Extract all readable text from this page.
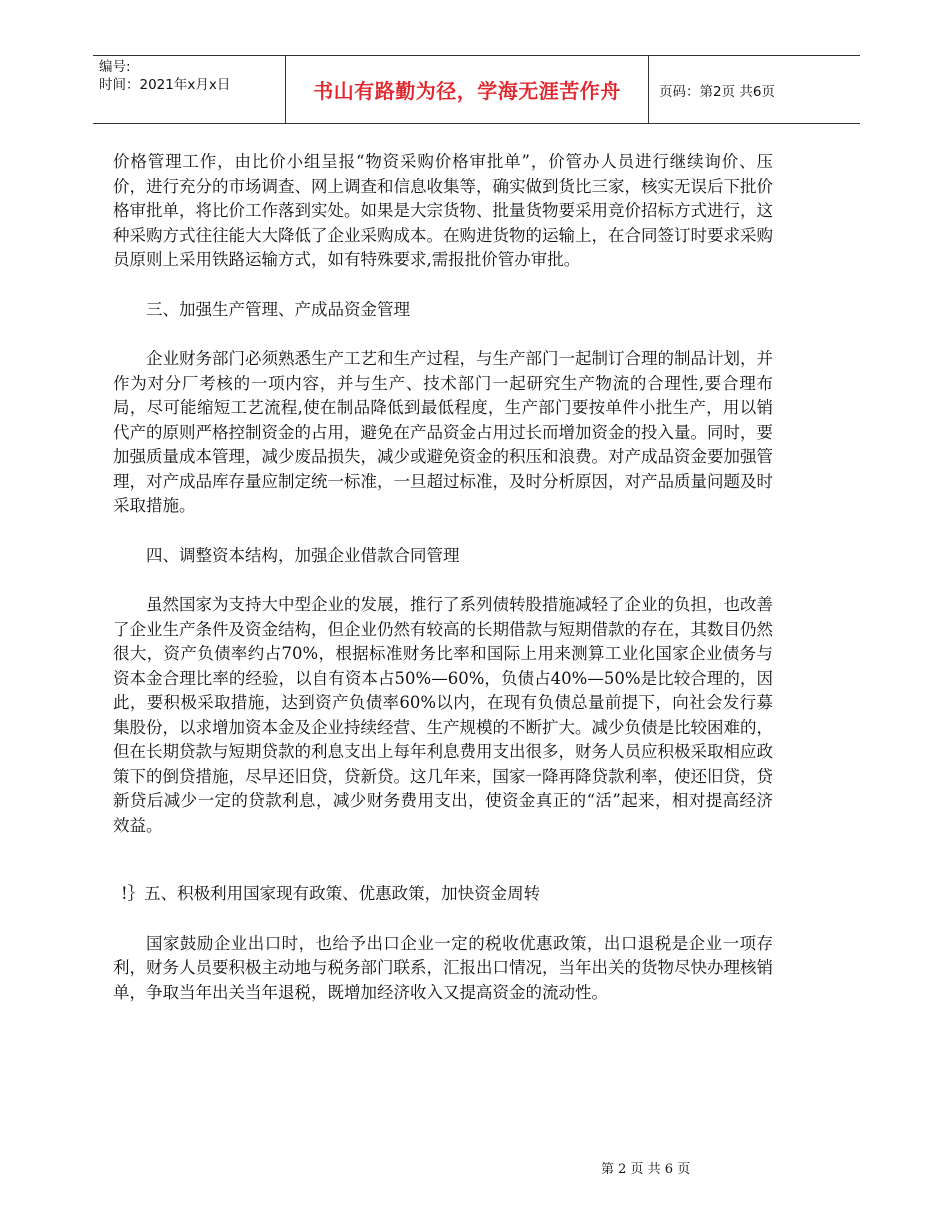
编号:
时间：2021年x月x日	书山有路勤为径，学海无涯苦作舟	页码：第2页 共6页

价格管理工作，由比价小组呈报“物资采购价格审批单”，价管办人员进行继续询价、压价，进行充分的市场调查、网上调查和信息收集等，确实做到货比三家，核实无误后下批价格审批单，将比价工作落到实处。如果是大宗货物、批量货物要采用竞价招标方式进行，这种采购方式往往能大大降低了企业采购成本。在购进货物的运输上，在合同签订时要求采购员原则上采用铁路运输方式，如有特殊要求,需报批价管办审批。

三、加强生产管理、产成品资金管理

企业财务部门必须熟悉生产工艺和生产过程，与生产部门一起制订合理的制品计划，并作为对分厂考核的一项内容，并与生产、技术部门一起研究生产物流的合理性,要合理布局，尽可能缩短工艺流程,使在制品降低到最低程度，生产部门要按单件小批生产，用以销代产的原则严格控制资金的占用，避免在产品资金占用过长而增加资金的投入量。同时，要加强质量成本管理，减少废品损失，减少或避免资金的积压和浪费。对产成品资金要加强管理，对产成品库存量应制定统一标准，一旦超过标准，及时分析原因，对产品质量问题及时采取措施。

四、调整资本结构，加强企业借款合同管理

虽然国家为支持大中型企业的发展，推行了系列债转股措施减轻了企业的负担，也改善了企业生产条件及资金结构，但企业仍然有较高的长期借款与短期借款的存在，其数目仍然很大，资产负债率约占70%，根据标准财务比率和国际上用来测算工业化国家企业债务与资本金合理比率的经验，以自有资本占50%—60%，负债占40%—50%是比较合理的，因此，要积极采取措施，达到资产负债率60%以内，在现有负债总量前提下，向社会发行募集股份，以求增加资本金及企业持续经营、生产规模的不断扩大。减少负债是比较困难的，但在长期贷款与短期贷款的利息支出上每年利息费用支出很多，财务人员应积极采取相应政策下的倒贷措施，尽早还旧贷，贷新贷。这几年来，国家一降再降贷款利率，使还旧贷，贷新贷后减少一定的贷款利息，减少财务费用支出，使资金真正的“活”起来，相对提高经济效益。

!｝五、积极利用国家现有政策、优惠政策，加快资金周转

国家鼓励企业出口时，也给予出口企业一定的税收优惠政策，出口退税是企业一项存利，财务人员要积极主动地与税务部门联系，汇报出口情况，当年出关的货物尽快办理核销单，争取当年出关当年退税，既增加经济收入又提高资金的流动性。

第 2 页 共 6 页
